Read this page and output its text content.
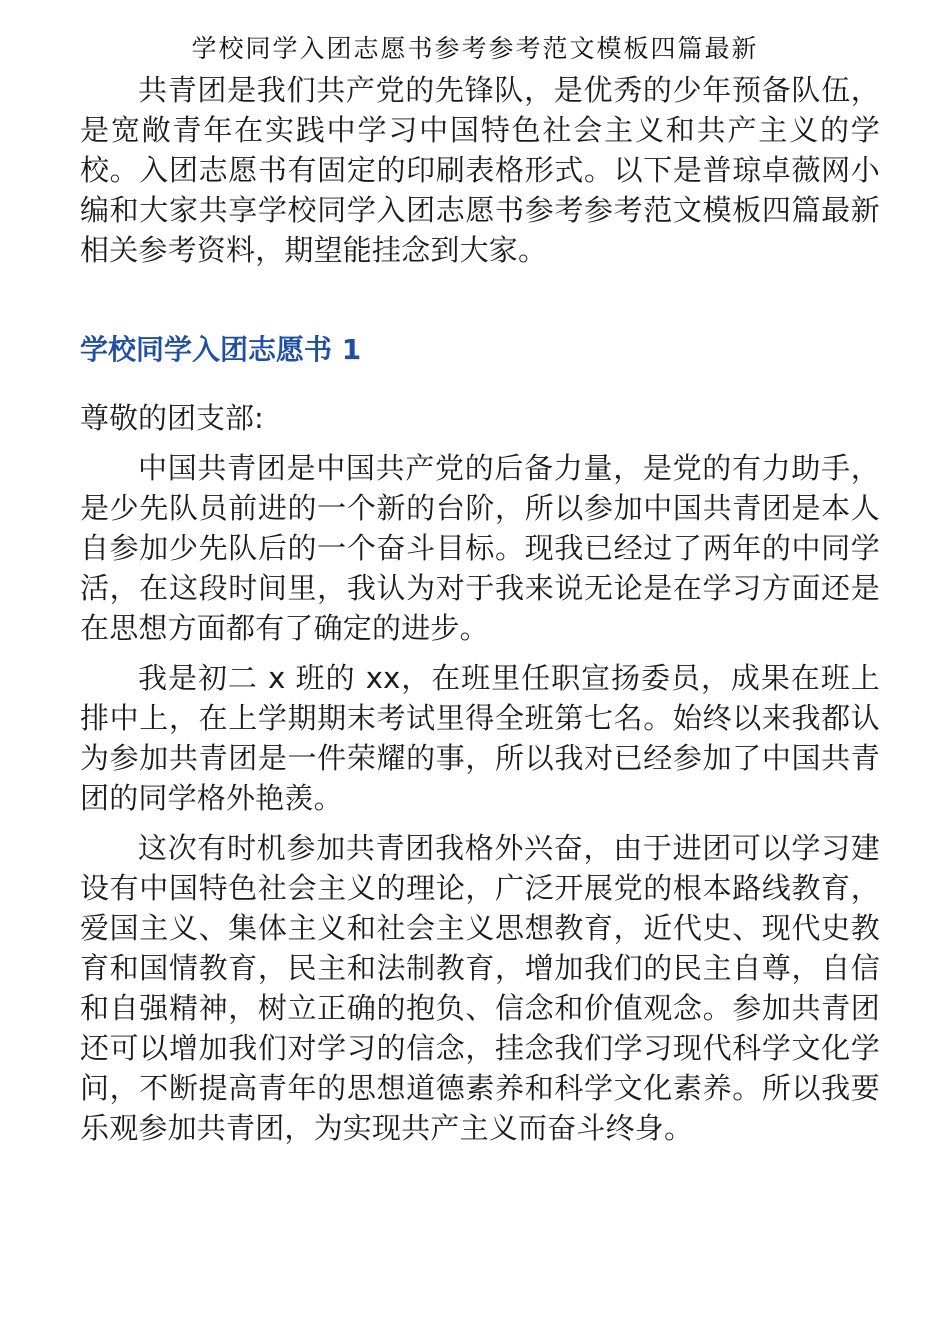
学校同学入团志愿书参考参考范文模板四篇最新

共青团是我们共产党的先锋队，是优秀的少年预备队伍，是宽敞青年在实践中学习中国特色社会主义和共产主义的学校。入团志愿书有固定的印刷表格形式。以下是普琼卓薇网小编和大家共享学校同学入团志愿书参考参考范文模板四篇最新相关参考资料，期望能挂念到大家。

学校同学入团志愿书 1

尊敬的团支部:

中国共青团是中国共产党的后备力量，是党的有力助手，是少先队员前进的一个新的台阶，所以参加中国共青团是本人自参加少先队后的一个奋斗目标。现我已经过了两年的中同学活，在这段时间里，我认为对于我来说无论是在学习方面还是在思想方面都有了确定的进步。

我是初二 x 班的 xx，在班里任职宣扬委员，成果在班上排中上，在上学期期末考试里得全班第七名。始终以来我都认为参加共青团是一件荣耀的事，所以我对已经参加了中国共青团的同学格外艳羡。

这次有时机参加共青团我格外兴奋，由于进团可以学习建设有中国特色社会主义的理论，广泛开展党的根本路线教育，爱国主义、集体主义和社会主义思想教育，近代史、现代史教育和国情教育，民主和法制教育，增加我们的民主自尊，自信和自强精神，树立正确的抱负、信念和价值观念。参加共青团还可以增加我们对学习的信念，挂念我们学习现代科学文化学问，不断提高青年的思想道德素养和科学文化素养。所以我要乐观参加共青团，为实现共产主义而奋斗终身。
